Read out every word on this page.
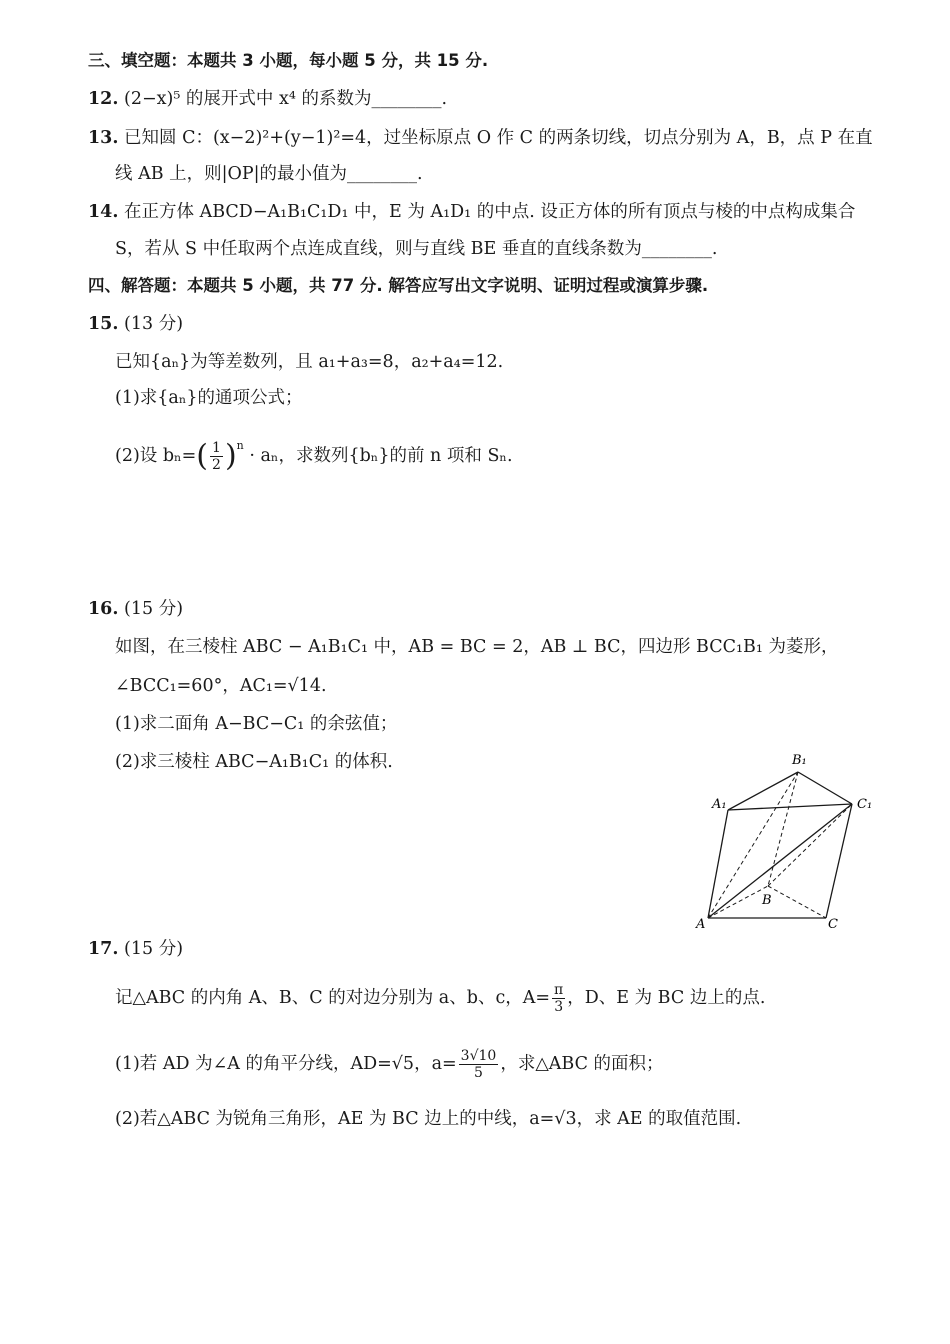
三、填空题：本题共 3 小题，每小题 5 分，共 15 分.
12. (2−x)⁵ 的展开式中 x⁴ 的系数为________.
13. 已知圆 C：(x−2)²+(y−1)²=4，过坐标原点 O 作 C 的两条切线，切点分别为 A，B，点 P 在直
线 AB 上，则|OP|的最小值为________.
14. 在正方体 ABCD−A₁B₁C₁D₁ 中，E 为 A₁D₁ 的中点. 设正方体的所有顶点与棱的中点构成集合
S，若从 S 中任取两个点连成直线，则与直线 BE 垂直的直线条数为________.
四、解答题：本题共 5 小题，共 77 分. 解答应写出文字说明、证明过程或演算步骤.
15. (13 分)
已知{aₙ}为等差数列，且 a₁+a₃=8，a₂+a₄=12.
(1)求{aₙ}的通项公式；
(2)设 $b_n=( \frac{1}{2} )^n \cdot a_n$，求数列{bₙ}的前 n 项和 Sₙ.
16. (15 分)
如图，在三棱柱 ABC − A₁B₁C₁ 中，AB = BC = 2，AB ⊥ BC，四边形 BCC₁B₁ 为菱形，
∠BCC₁=60°，AC₁=√14.
(1)求二面角 A−BC−C₁ 的余弦值；
(2)求三棱柱 ABC−A₁B₁C₁ 的体积.	B₁
A₁	C₁
B
A	C
17. (15 分)
记△ABC 的内角 A、B、C 的对边分别为 a、b、c，$A= \frac{\pi}{3}$ ，D、E 为 BC 边上的点.
(1)若 AD 为∠A 的角平分线，AD=√5，$a= \frac{3√10}{5}$ ，求△ABC 的面积；
(2)若△ABC 为锐角三角形，AE 为 BC 边上的中线，a=√3，求 AE 的取值范围.
